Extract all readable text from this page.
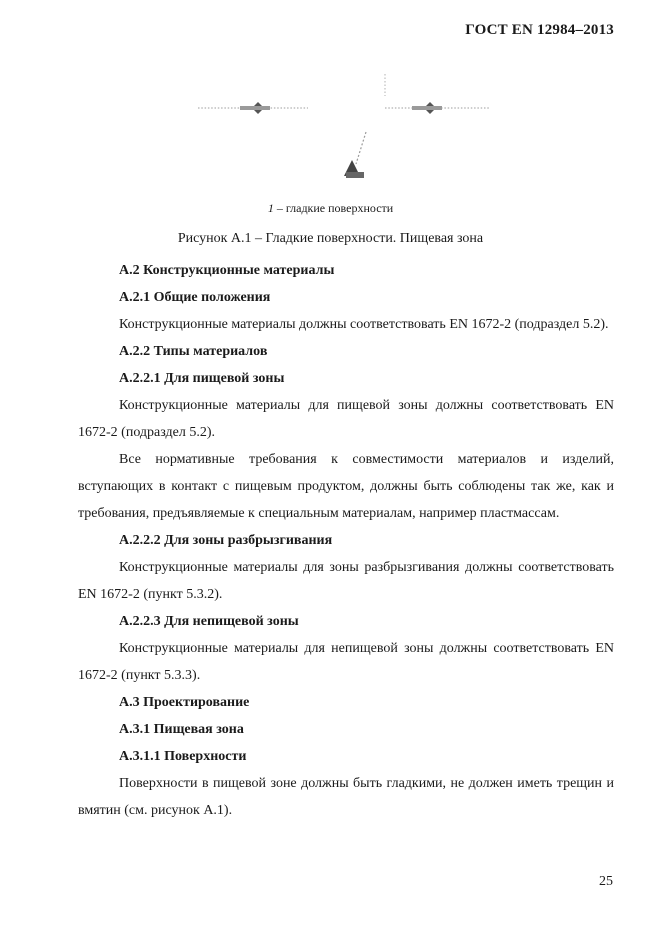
ГОСТ EN 12984–2013
1 – гладкие поверхности
Рисунок А.1 – Гладкие поверхности. Пищевая зона

А.2 Конструкционные материалы

А.2.1 Общие положения

Конструкционные материалы должны соответствовать EN 1672-2 (подраздел 5.2).

А.2.2 Типы материалов

А.2.2.1 Для пищевой зоны

Конструкционные материалы для пищевой зоны должны соответствовать EN 1672-2 (подраздел 5.2).

Все нормативные требования к совместимости материалов и изделий, вступающих в контакт с пищевым продуктом, должны быть соблюдены так же, как и требования, предъявляемые к специальным материалам, например пластмассам.

А.2.2.2 Для зоны разбрызгивания

Конструкционные материалы для зоны разбрызгивания должны соответствовать EN 1672-2 (пункт 5.3.2).

А.2.2.3 Для непищевой зоны

Конструкционные материалы для непищевой зоны должны соответствовать EN 1672-2 (пункт 5.3.3).

А.3 Проектирование

А.3.1 Пищевая зона

А.3.1.1 Поверхности

Поверхности в пищевой зоне должны быть гладкими, не должен иметь трещин и вмятин (см. рисунок А.1).

25
